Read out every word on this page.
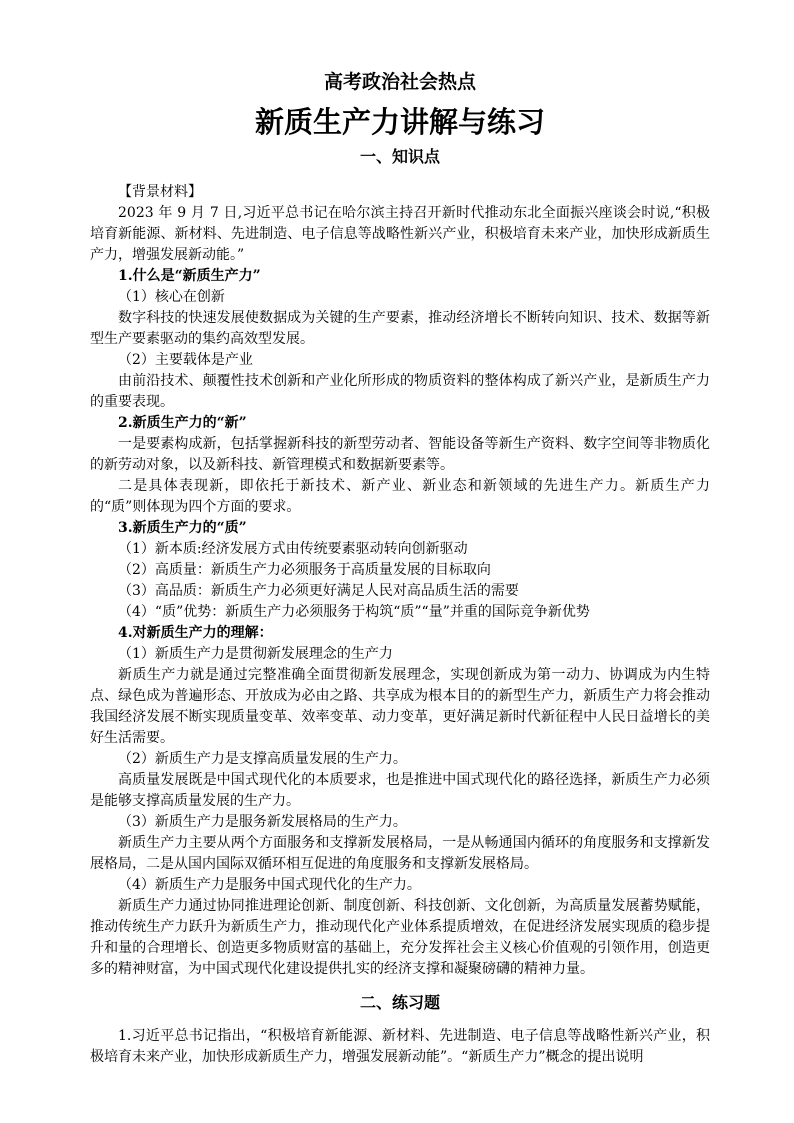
高考政治社会热点
新质生产力讲解与练习
一、知识点

【背景材料】

2023 年 9 月 7 日,习近平总书记在哈尔滨主持召开新时代推动东北全面振兴座谈会时说,“积极培育新能源、新材料、先进制造、电子信息等战略性新兴产业，积极培育未来产业，加快形成新质生产力，增强发展新动能。”

1.什么是“新质生产力”

（1）核心在创新

数字科技的快速发展使数据成为关键的生产要素，推动经济增长不断转向知识、技术、数据等新型生产要素驱动的集约高效型发展。

（2）主要载体是产业

由前沿技术、颠覆性技术创新和产业化所形成的物质资料的整体构成了新兴产业，是新质生产力的重要表现。

2.新质生产力的“新”

一是要素构成新，包括掌握新科技的新型劳动者、智能设备等新生产资料、数字空间等非物质化的新劳动对象，以及新科技、新管理模式和数据新要素等。

二是具体表现新，即依托于新技术、新产业、新业态和新领域的先进生产力。新质生产力的“质”则体现为四个方面的要求。

3.新质生产力的“质”

（1）新本质:经济发展方式由传统要素驱动转向创新驱动

（2）高质量：新质生产力必须服务于高质量发展的目标取向

（3）高品质：新质生产力必须更好满足人民对高品质生活的需要

（4）“质”优势：新质生产力必须服务于构筑“质”“量”并重的国际竞争新优势

4.对新质生产力的理解：

（1）新质生产力是贯彻新发展理念的生产力

新质生产力就是通过完整准确全面贯彻新发展理念，实现创新成为第一动力、协调成为内生特点、绿色成为普遍形态、开放成为必由之路、共享成为根本目的的新型生产力，新质生产力将会推动我国经济发展不断实现质量变革、效率变革、动力变革，更好满足新时代新征程中人民日益增长的美好生活需要。

（2）新质生产力是支撑高质量发展的生产力。

高质量发展既是中国式现代化的本质要求，也是推进中国式现代化的路径选择，新质生产力必须是能够支撑高质量发展的生产力。

（3）新质生产力是服务新发展格局的生产力。

新质生产力主要从两个方面服务和支撑新发展格局，一是从畅通国内循环的角度服务和支撑新发展格局，二是从国内国际双循环相互促进的角度服务和支撑新发展格局。

（4）新质生产力是服务中国式现代化的生产力。

新质生产力通过协同推进理论创新、制度创新、科技创新、文化创新，为高质量发展蓄势赋能，推动传统生产力跃升为新质生产力，推动现代化产业体系提质增效，在促进经济发展实现质的稳步提升和量的合理增长、创造更多物质财富的基础上，充分发挥社会主义核心价值观的引领作用，创造更多的精神财富，为中国式现代化建设提供扎实的经济支撑和凝聚磅礴的精神力量。

二、练习题

1.习近平总书记指出，“积极培育新能源、新材料、先进制造、电子信息等战略性新兴产业，积极培育未来产业，加快形成新质生产力，增强发展新动能”。“新质生产力”概念的提出说明
